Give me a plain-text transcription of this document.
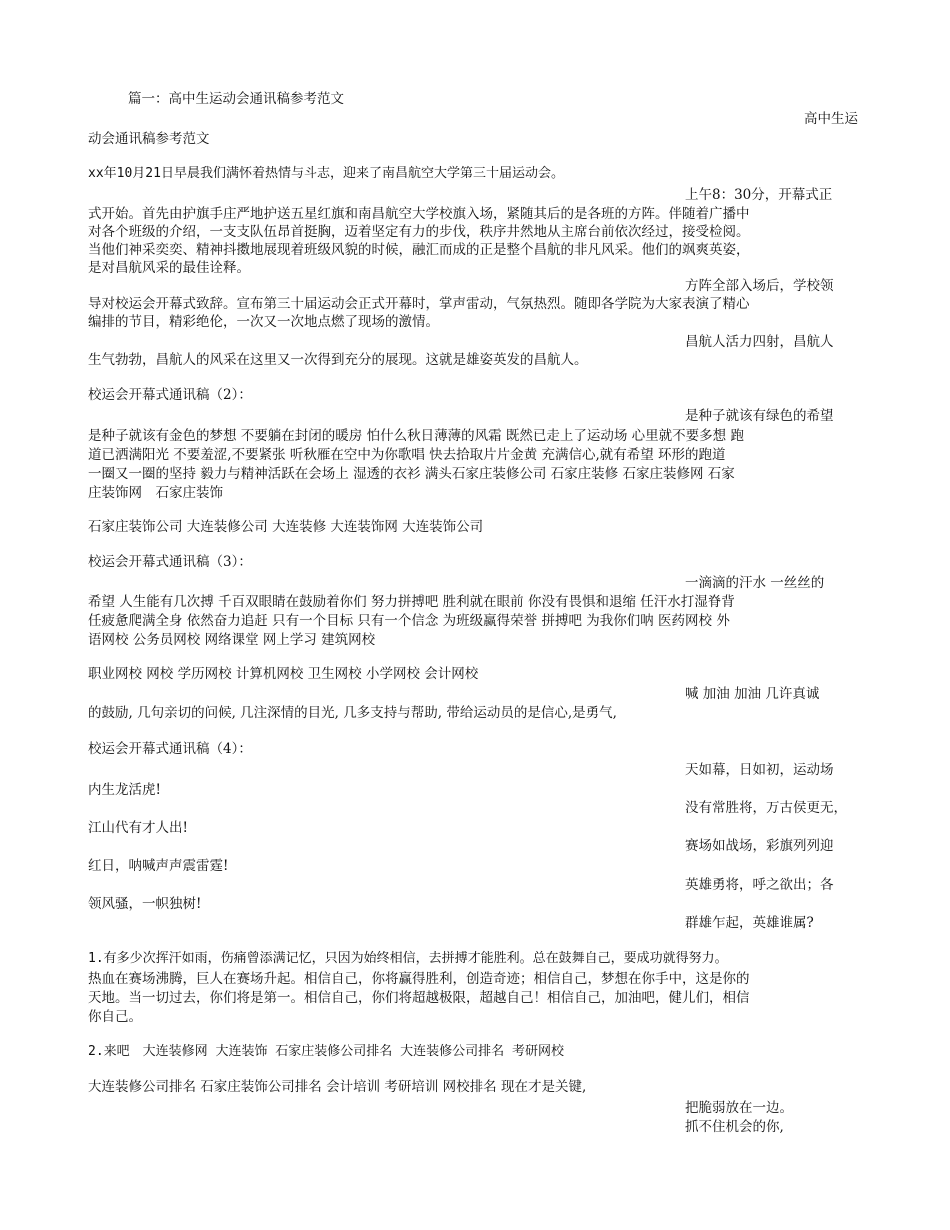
篇一：高中生运动会通讯稿参考范文
高中生运
动会通讯稿参考范文
xx年10月21日早晨我们满怀着热情与斗志，迎来了南昌航空大学第三十届运动会。
上午8：30分，开幕式正
式开始。首先由护旗手庄严地护送五星红旗和南昌航空大学校旗入场，紧随其后的是各班的方阵。伴随着广播中
对各个班级的介绍，一支支队伍昂首挺胸，迈着坚定有力的步伐，秩序井然地从主席台前依次经过，接受检阅。
当他们神采奕奕、精神抖擞地展现着班级风貌的时候，融汇而成的正是整个昌航的非凡风采。他们的飒爽英姿，
是对昌航风采的最佳诠释。
方阵全部入场后，学校领
导对校运会开幕式致辞。宣布第三十届运动会正式开幕时，掌声雷动，气氛热烈。随即各学院为大家表演了精心
编排的节目，精彩绝伦，一次又一次地点燃了现场的激情。
昌航人活力四射，昌航人
生气勃勃，昌航人的风采在这里又一次得到充分的展现。这就是雄姿英发的昌航人。
校运会开幕式通讯稿（2）：
是种子就该有绿色的希望
是种子就该有金色的梦想 不要躺在封闭的暖房 怕什么秋日薄薄的风霜 既然已走上了运动场 心里就不要多想 跑
道已洒满阳光 不要羞涩,不要紧张 听秋雁在空中为你歌唱 快去拾取片片金黄 充满信心,就有希望 环形的跑道
一圈又一圈的坚持 毅力与精神活跃在会场上 湿透的衣衫 满头石家庄装修公司 石家庄装修 石家庄装修网 石家
庄装饰网　石家庄装饰
石家庄装饰公司 大连装修公司 大连装修 大连装饰网 大连装饰公司
校运会开幕式通讯稿（3）：
一滴滴的汗水 一丝丝的
希望 人生能有几次搏 千百双眼睛在鼓励着你们 努力拼搏吧 胜利就在眼前 你没有畏惧和退缩 任汗水打湿脊背
任疲惫爬满全身 依然奋力追赶 只有一个目标 只有一个信念 为班级赢得荣誉 拼搏吧 为我你们呐 医药网校 外
语网校 公务员网校 网络课堂 网上学习 建筑网校
职业网校 网校 学历网校 计算机网校 卫生网校 小学网校 会计网校
喊 加油 加油 几许真诚
的鼓励, 几句亲切的问候, 几注深情的目光, 几多支持与帮助, 带给运动员的是信心,是勇气,
校运会开幕式通讯稿（4）：
天如幕，日如初，运动场
内生龙活虎!
没有常胜将，万古侯更无，
江山代有才人出!
赛场如战场，彩旗列列迎
红日，呐喊声声震雷霆!
英雄勇将，呼之欲出；各
领风骚，一帜独树!
群雄乍起，英雄谁属?
1.有多少次挥汗如雨，伤痛曾添满记忆，只因为始终相信，去拼搏才能胜利。总在鼓舞自己，要成功就得努力。
热血在赛场沸腾，巨人在赛场升起。相信自己，你将赢得胜利，创造奇迹；相信自己，梦想在你手中，这是你的
天地。当一切过去，你们将是第一。相信自己，你们将超越极限，超越自己！相信自己，加油吧，健儿们，相信
你自己。
2.来吧　大连装修网 大连装饰 石家庄装修公司排名 大连装修公司排名 考研网校
大连装修公司排名 石家庄装饰公司排名 会计培训 考研培训 网校排名 现在才是关键,
把脆弱放在一边。
抓不住机会的你,
